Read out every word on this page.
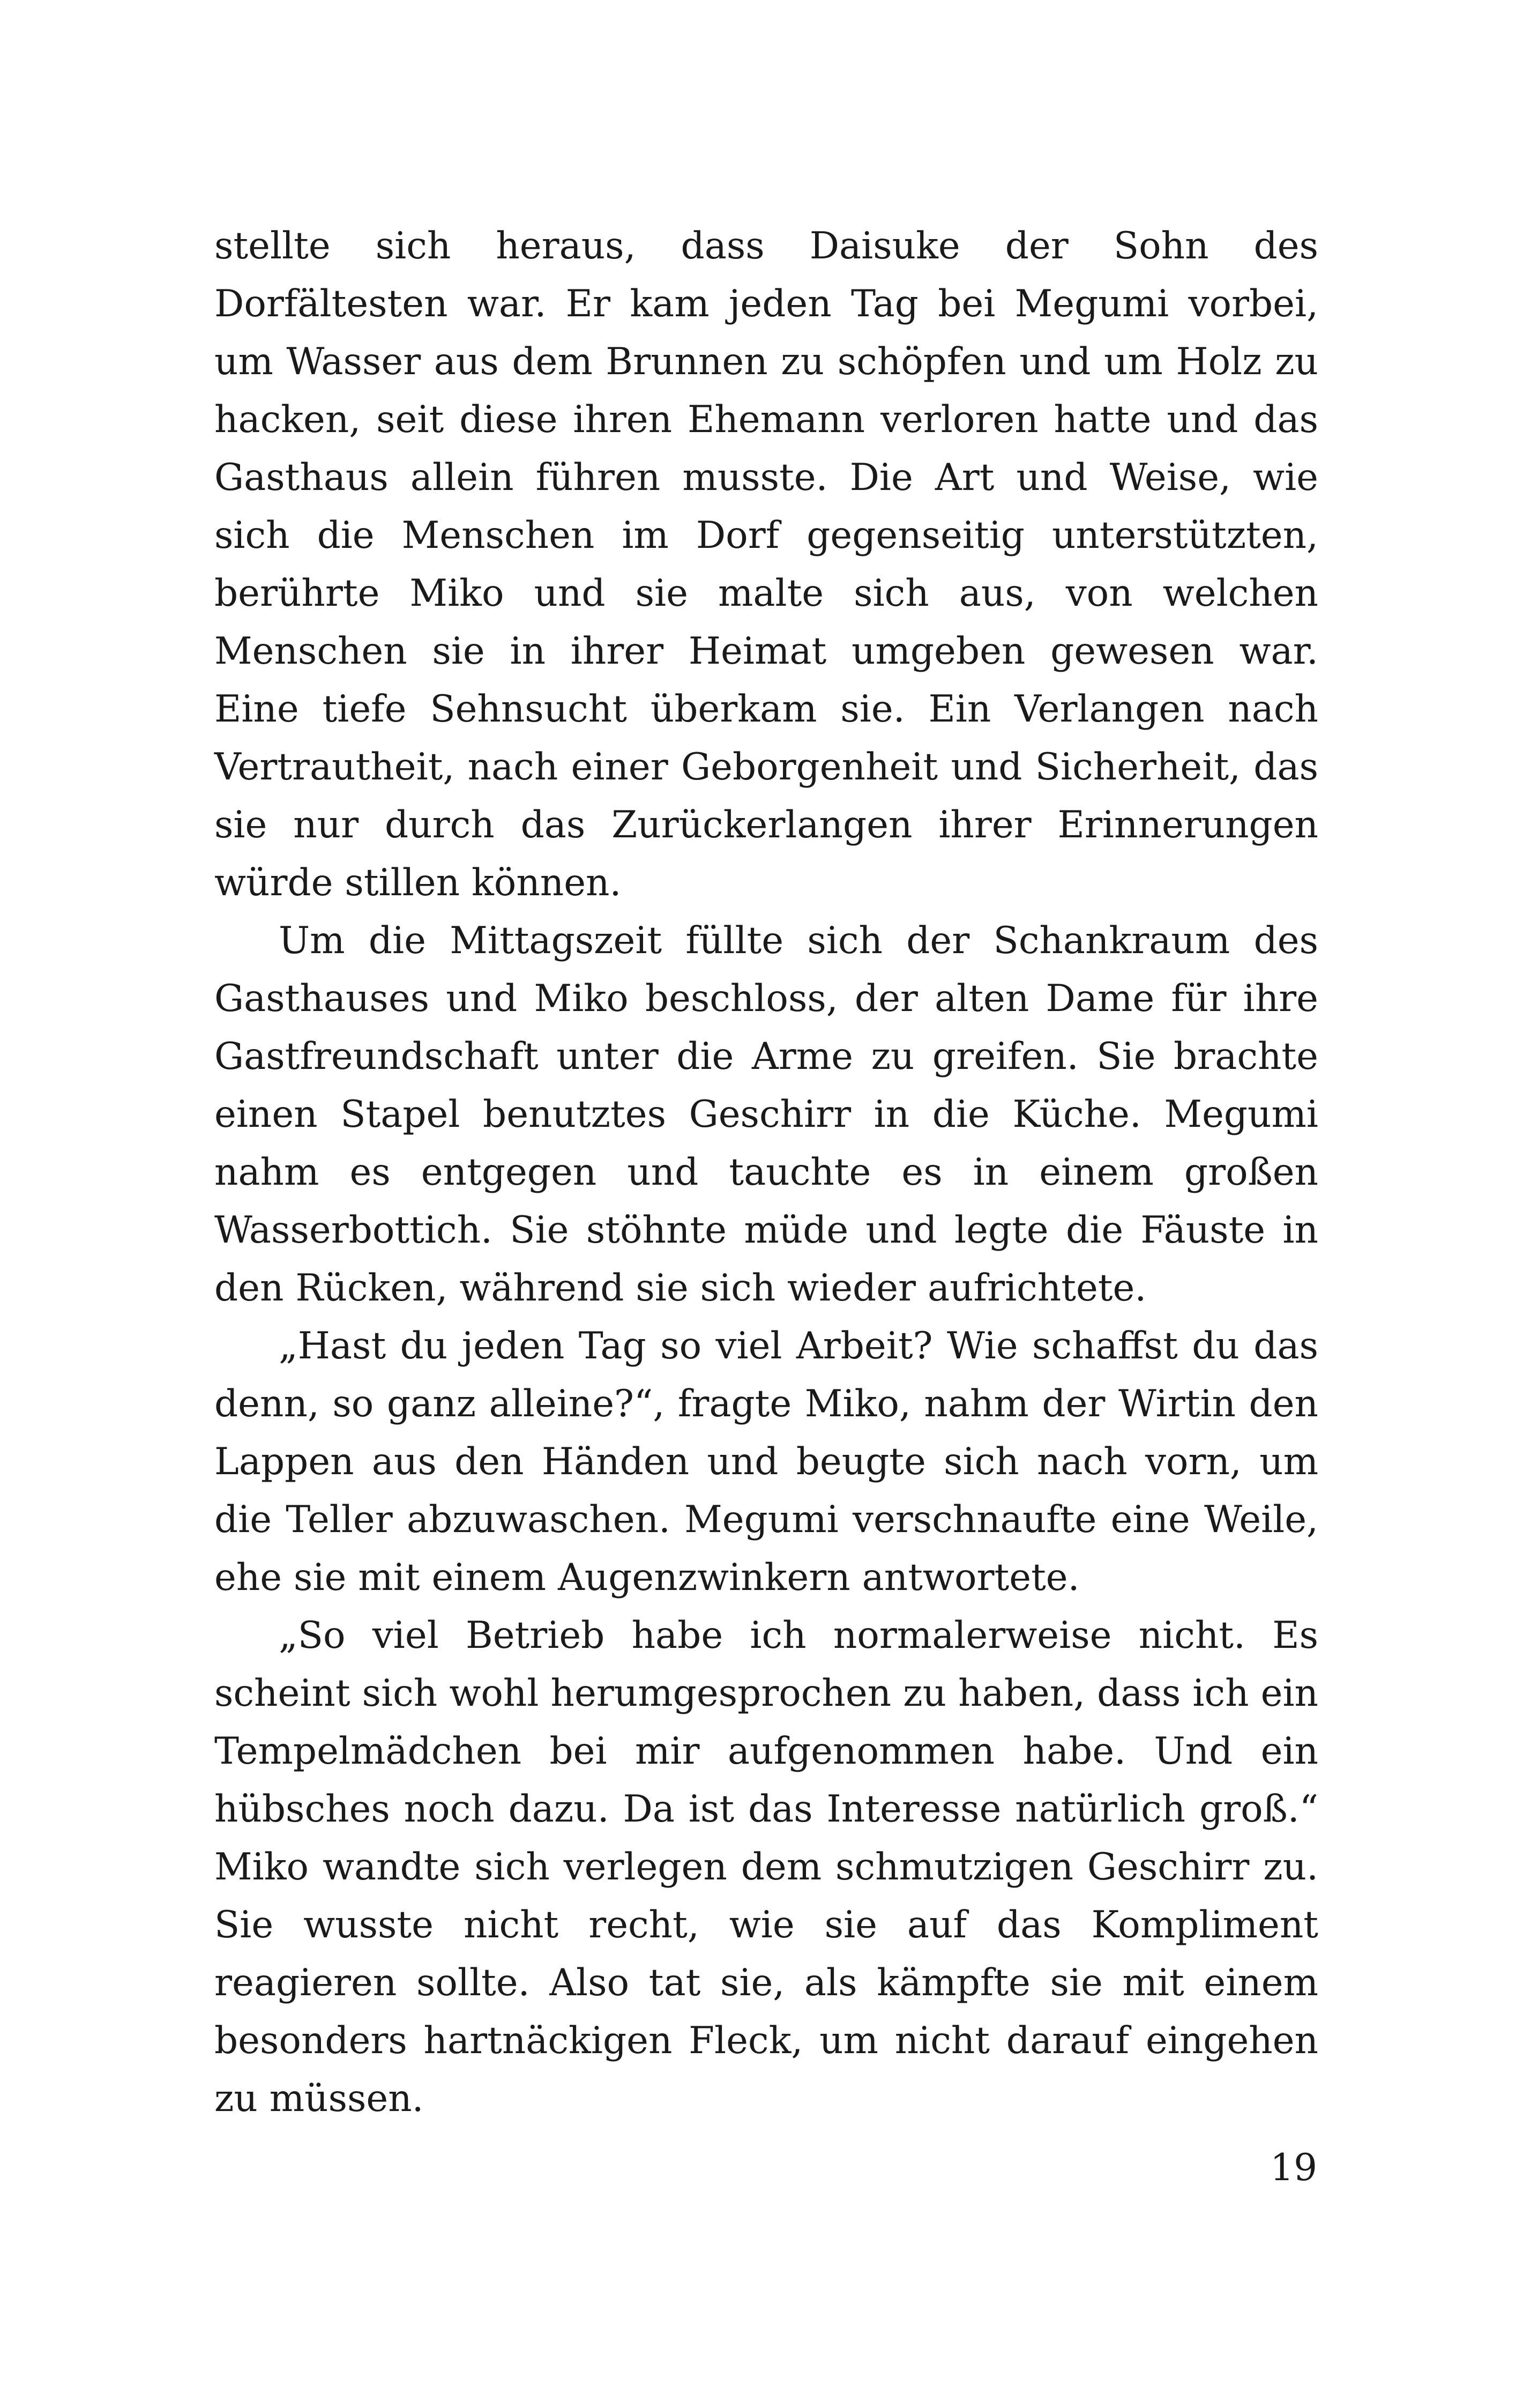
stellte sich heraus, dass Daisuke der Sohn des Dorfältesten war. Er kam jeden Tag bei Megumi vorbei, um Wasser aus dem Brunnen zu schöpfen und um Holz zu hacken, seit diese ihren Ehemann verloren hatte und das Gasthaus allein führen musste. Die Art und Weise, wie sich die Menschen im Dorf gegenseitig unterstützten, berührte Miko und sie malte sich aus, von welchen Menschen sie in ihrer Heimat umgeben gewesen war. Eine tiefe Sehnsucht überkam sie. Ein Verlangen nach Vertrautheit, nach einer Geborgenheit und Sicherheit, das sie nur durch das Zurückerlangen ihrer Erinnerungen würde stillen können.

Um die Mittagszeit füllte sich der Schankraum des Gasthauses und Miko beschloss, der alten Dame für ihre Gastfreundschaft unter die Arme zu greifen. Sie brachte einen Stapel benutztes Geschirr in die Küche. Megumi nahm es entgegen und tauchte es in einem großen Wasserbottich. Sie stöhnte müde und legte die Fäuste in den Rücken, während sie sich wieder aufrichtete.

„Hast du jeden Tag so viel Arbeit? Wie schaffst du das denn, so ganz alleine?“, fragte Miko, nahm der Wirtin den Lappen aus den Händen und beugte sich nach vorn, um die Teller abzuwaschen. Megumi verschnaufte eine Weile, ehe sie mit einem Augenzwinkern antwortete.

„So viel Betrieb habe ich normalerweise nicht. Es scheint sich wohl herumgesprochen zu haben, dass ich ein Tempelmädchen bei mir aufgenommen habe. Und ein hübsches noch dazu. Da ist das Interesse natürlich groß.“ Miko wandte sich verlegen dem schmutzigen Geschirr zu. Sie wusste nicht recht, wie sie auf das Kompliment reagieren sollte. Also tat sie, als kämpfte sie mit einem besonders hartnäckigen Fleck, um nicht darauf eingehen zu müssen.

19
